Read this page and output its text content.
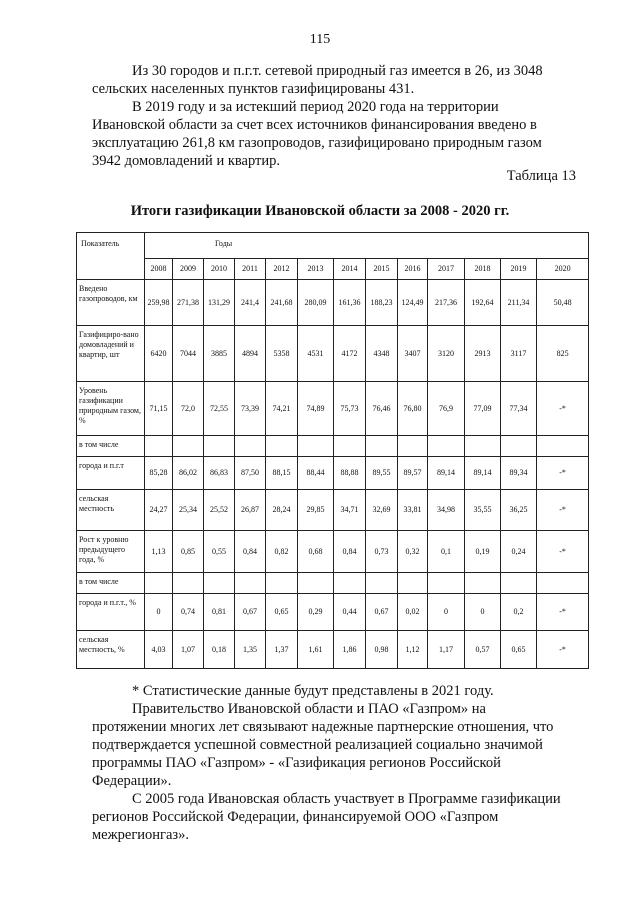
115
Из 30 городов и п.г.т. сетевой природный газ имеется в 26, из 3048
сельских населенных пунктов газифицированы 431.
В 2019 году и за истекший период 2020 года на территории
Ивановской области за счет всех источников финансирования введено в
эксплуатацию 261,8 км газопроводов, газифицировано природным газом
3942 домовладений и квартир.
Таблица 13
Итоги газификации Ивановской области за 2008 - 2020 гг.
Показатель	Годы												
	2008	2009	2010	2011	2012	2013	2014	2015	2016	2017	2018	2019	2020
Введено газопроводов, км	259,98	271,38	131,29	241,4	241,68	280,09	161,36	188,23	124,49	217,36	192,64	211,34	50,48
Газифициро-вано домовладений и квартир, шт	6420	7044	3885	4894	5358	4531	4172	4348	3407	3120	2913	3117	825
Уровень газификации природным газом, %	71,15	72,0	72,55	73,39	74,21	74,89	75,73	76,46	76,80	76,9	77,09	77,34	-*
в том числе													
города и п.г.т	85,28	86,02	86,83	87,50	88,15	88,44	88,88	89,55	89,57	89,14	89,14	89,34	-*
сельская местность	24,27	25,34	25,52	26,87	28,24	29,85	34,71	32,69	33,81	34,98	35,55	36,25	-*
Рост к уровню предыдущего года, %	1,13	0,85	0,55	0,84	0,82	0,68	0,84	0,73	0,32	0,1	0,19	0,24	-*
в том числе													
города и п.г.т., %	0	0,74	0,81	0,67	0,65	0,29	0,44	0,67	0,02	0	0	0,2	-*
сельская местность, %	4,03	1,07	0,18	1,35	1,37	1,61	1,86	0,98	1,12	1,17	0,57	0,65	-*
* Статистические данные будут представлены в 2021 году.
Правительство Ивановской области и ПАО «Газпром» на
протяжении многих лет связывают надежные партнерские отношения, что
подтверждается успешной совместной реализацией социально значимой
программы ПАО «Газпром» - «Газификация регионов Российской
Федерации».
С 2005 года Ивановская область участвует в Программе газификации
регионов Российской Федерации, финансируемой ООО «Газпром
межрегионгаз».
